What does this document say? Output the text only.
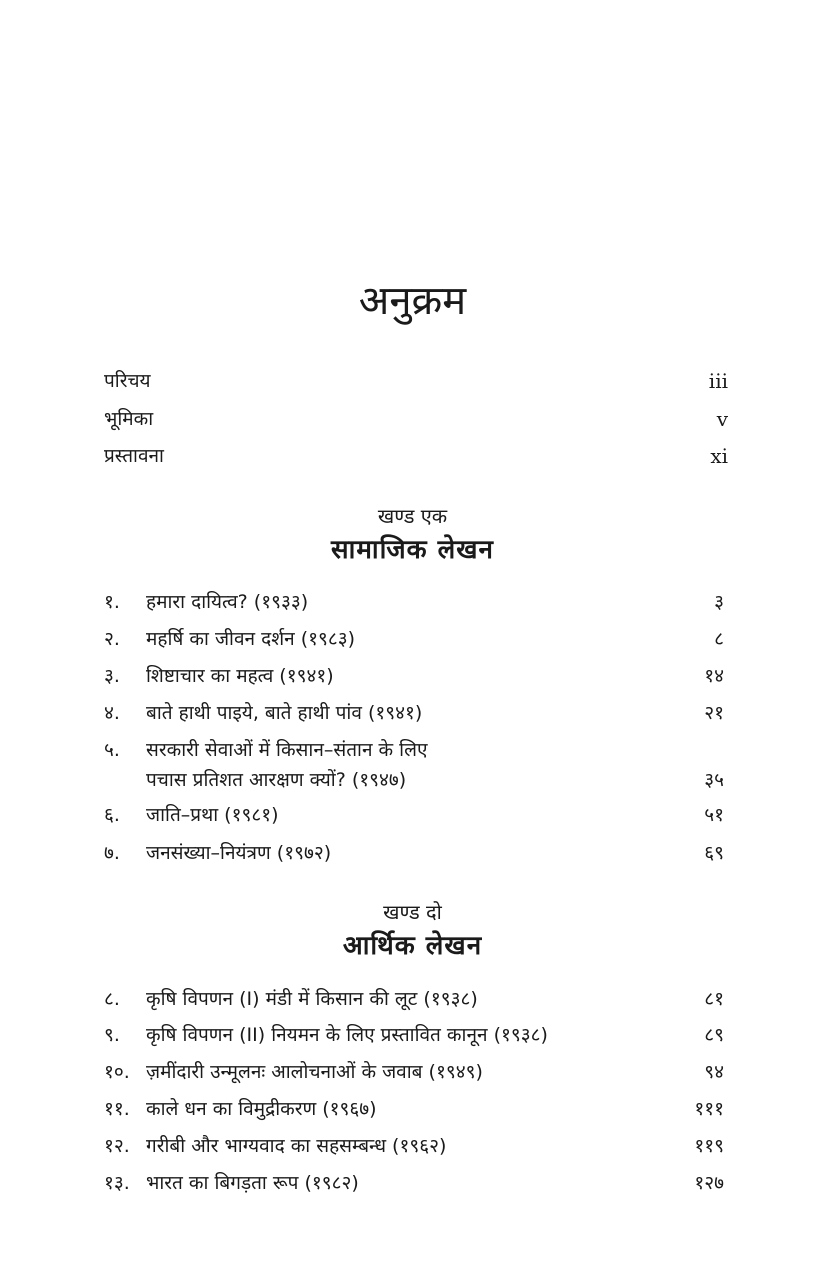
अनुक्रम
परिचय	iii
भूमिका	v
प्रस्तावना	xi
खण्ड एक
सामाजिक लेखन
१. हमारा दायित्व? (१९३३)	३
२. महर्षि का जीवन दर्शन (१९८३)	८
३. शिष्टाचार का महत्व (१९४१)	१४
४. बाते हाथी पाइये, बाते हाथी पांव (१९४१)	२१
५. सरकारी सेवाओं में किसान–संतान के लिए
पचास प्रतिशत आरक्षण क्यों? (१९४७)	३५
६. जाति–प्रथा (१९८१)	५१
७. जनसंख्या–नियंत्रण (१९७२)	६९
खण्ड दो
आर्थिक लेखन
८. कृषि विपणन (I) मंडी में किसान की लूट (१९३८)	८१
९. कृषि विपणन (II) नियमन के लिए प्रस्तावित कानून (१९३८)	८९
१०. ज़मींदारी उन्मूलनः आलोचनाओं के जवाब (१९४९)	९४
११. काले धन का विमुद्रीकरण (१९६७)	१११
१२. गरीबी और भाग्यवाद का सहसम्बन्ध (१९६२)	११९
१३. भारत का बिगड़ता रूप (१९८२)	१२७
